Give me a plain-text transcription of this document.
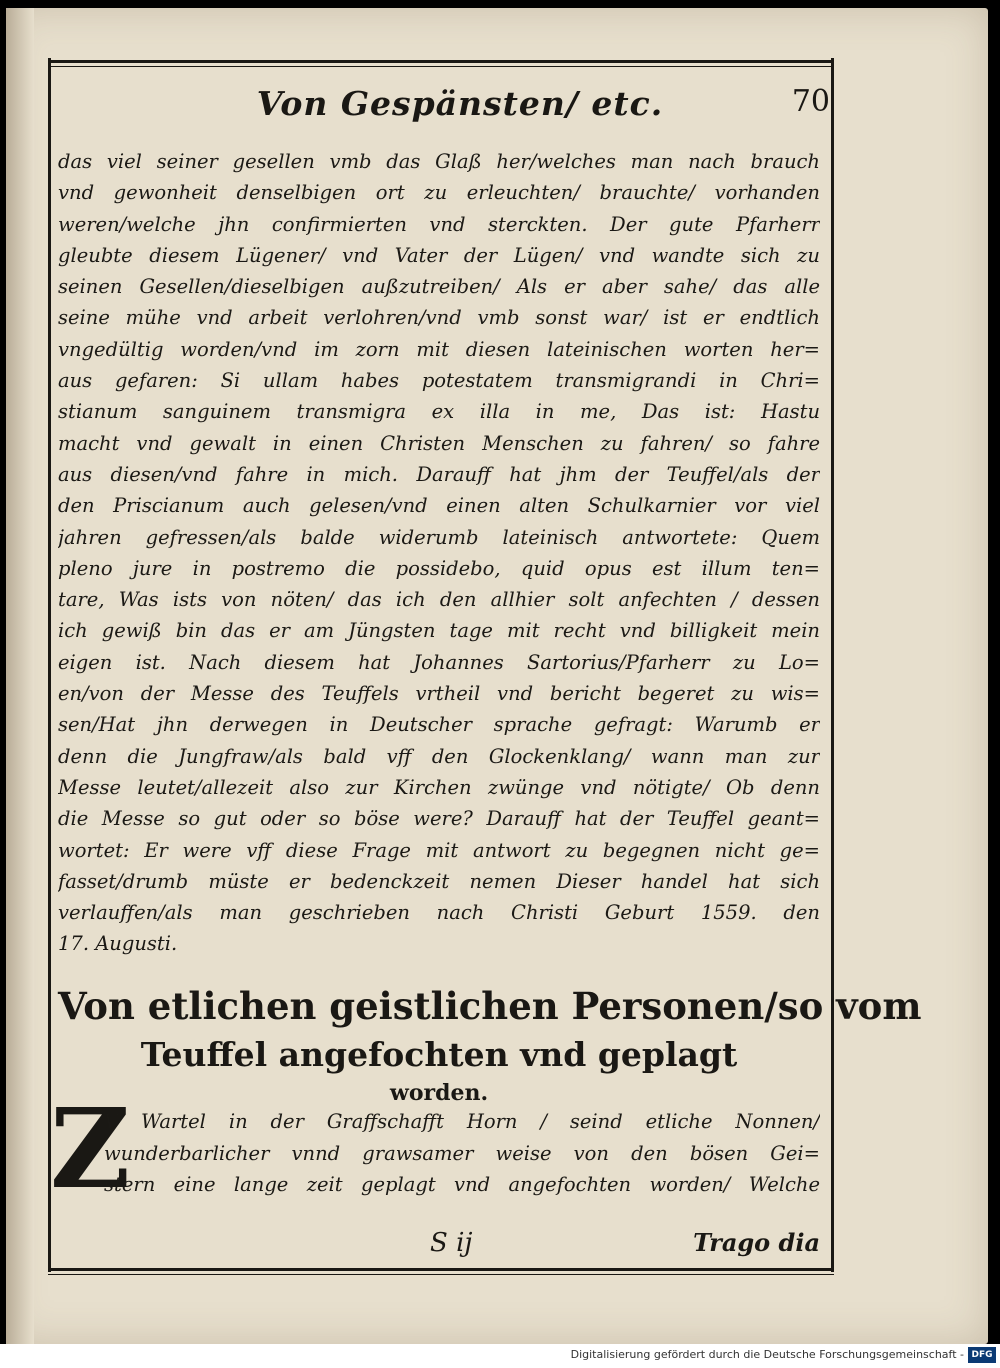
Von Gespänsten/ etc.	70
das viel seiner gesellen vmb das Glaß her/welches man nach brauch
vnd gewonheit denselbigen ort zu erleuchten/ brauchte/ vorhanden
weren/welche jhn confirmierten vnd sterckten. Der gute Pfarherr
gleubte diesem Lügener/ vnd Vater der Lügen/ vnd wandte sich zu
seinen Gesellen/dieselbigen außzutreiben/ Als er aber sahe/ das alle
seine mühe vnd arbeit verlohren/vnd vmb sonst war/ ist er endtlich
vngedültig worden/vnd im zorn mit diesen lateinischen worten her=
aus gefaren: Si ullam habes potestatem transmigrandi in Chri=
stianum sanguinem transmigra ex illa in me, Das ist: Hastu
macht vnd gewalt in einen Christen Menschen zu fahren/ so fahre
aus diesen/vnd fahre in mich. Darauff hat jhm der Teuffel/als der
den Priscianum auch gelesen/vnd einen alten Schulkarnier vor viel
jahren gefressen/als balde widerumb lateinisch antwortete: Quem
pleno jure in postremo die possidebo, quid opus est illum ten=
tare, Was ists von nöten/ das ich den allhier solt anfechten / dessen
ich gewiß bin das er am Jüngsten tage mit recht vnd billigkeit mein
eigen ist. Nach diesem hat Johannes Sartorius/Pfarherr zu Lo=
en/von der Messe des Teuffels vrtheil vnd bericht begeret zu wis=
sen/Hat jhn derwegen in Deutscher sprache gefragt: Warumb er
denn die Jungfraw/als bald vff den Glockenklang/ wann man zur
Messe leutet/allezeit also zur Kirchen zwünge vnd nötigte/ Ob denn
die Messe so gut oder so böse were? Darauff hat der Teuffel geant=
wortet: Er were vff diese Frage mit antwort zu begegnen nicht ge=
fasset/drumb müste er bedenckzeit nemen Dieser handel hat sich
verlauffen/als man geschrieben nach Christi Geburt 1559. den
17. Augusti.
Von etlichen geistlichen Personen/so vom
Teuffel angefochten vnd geplagt
worden.
Z
V Wartel in der Graffschafft Horn / seind etliche Nonnen/
wunderbarlicher vnnd grawsamer weise von den bösen Gei=
stern eine lange zeit geplagt vnd angefochten worden/ Welche
S ij	Trago dia
Digitalisierung gefördert durch die Deutsche Forschungsgemeinschaft - DFG
